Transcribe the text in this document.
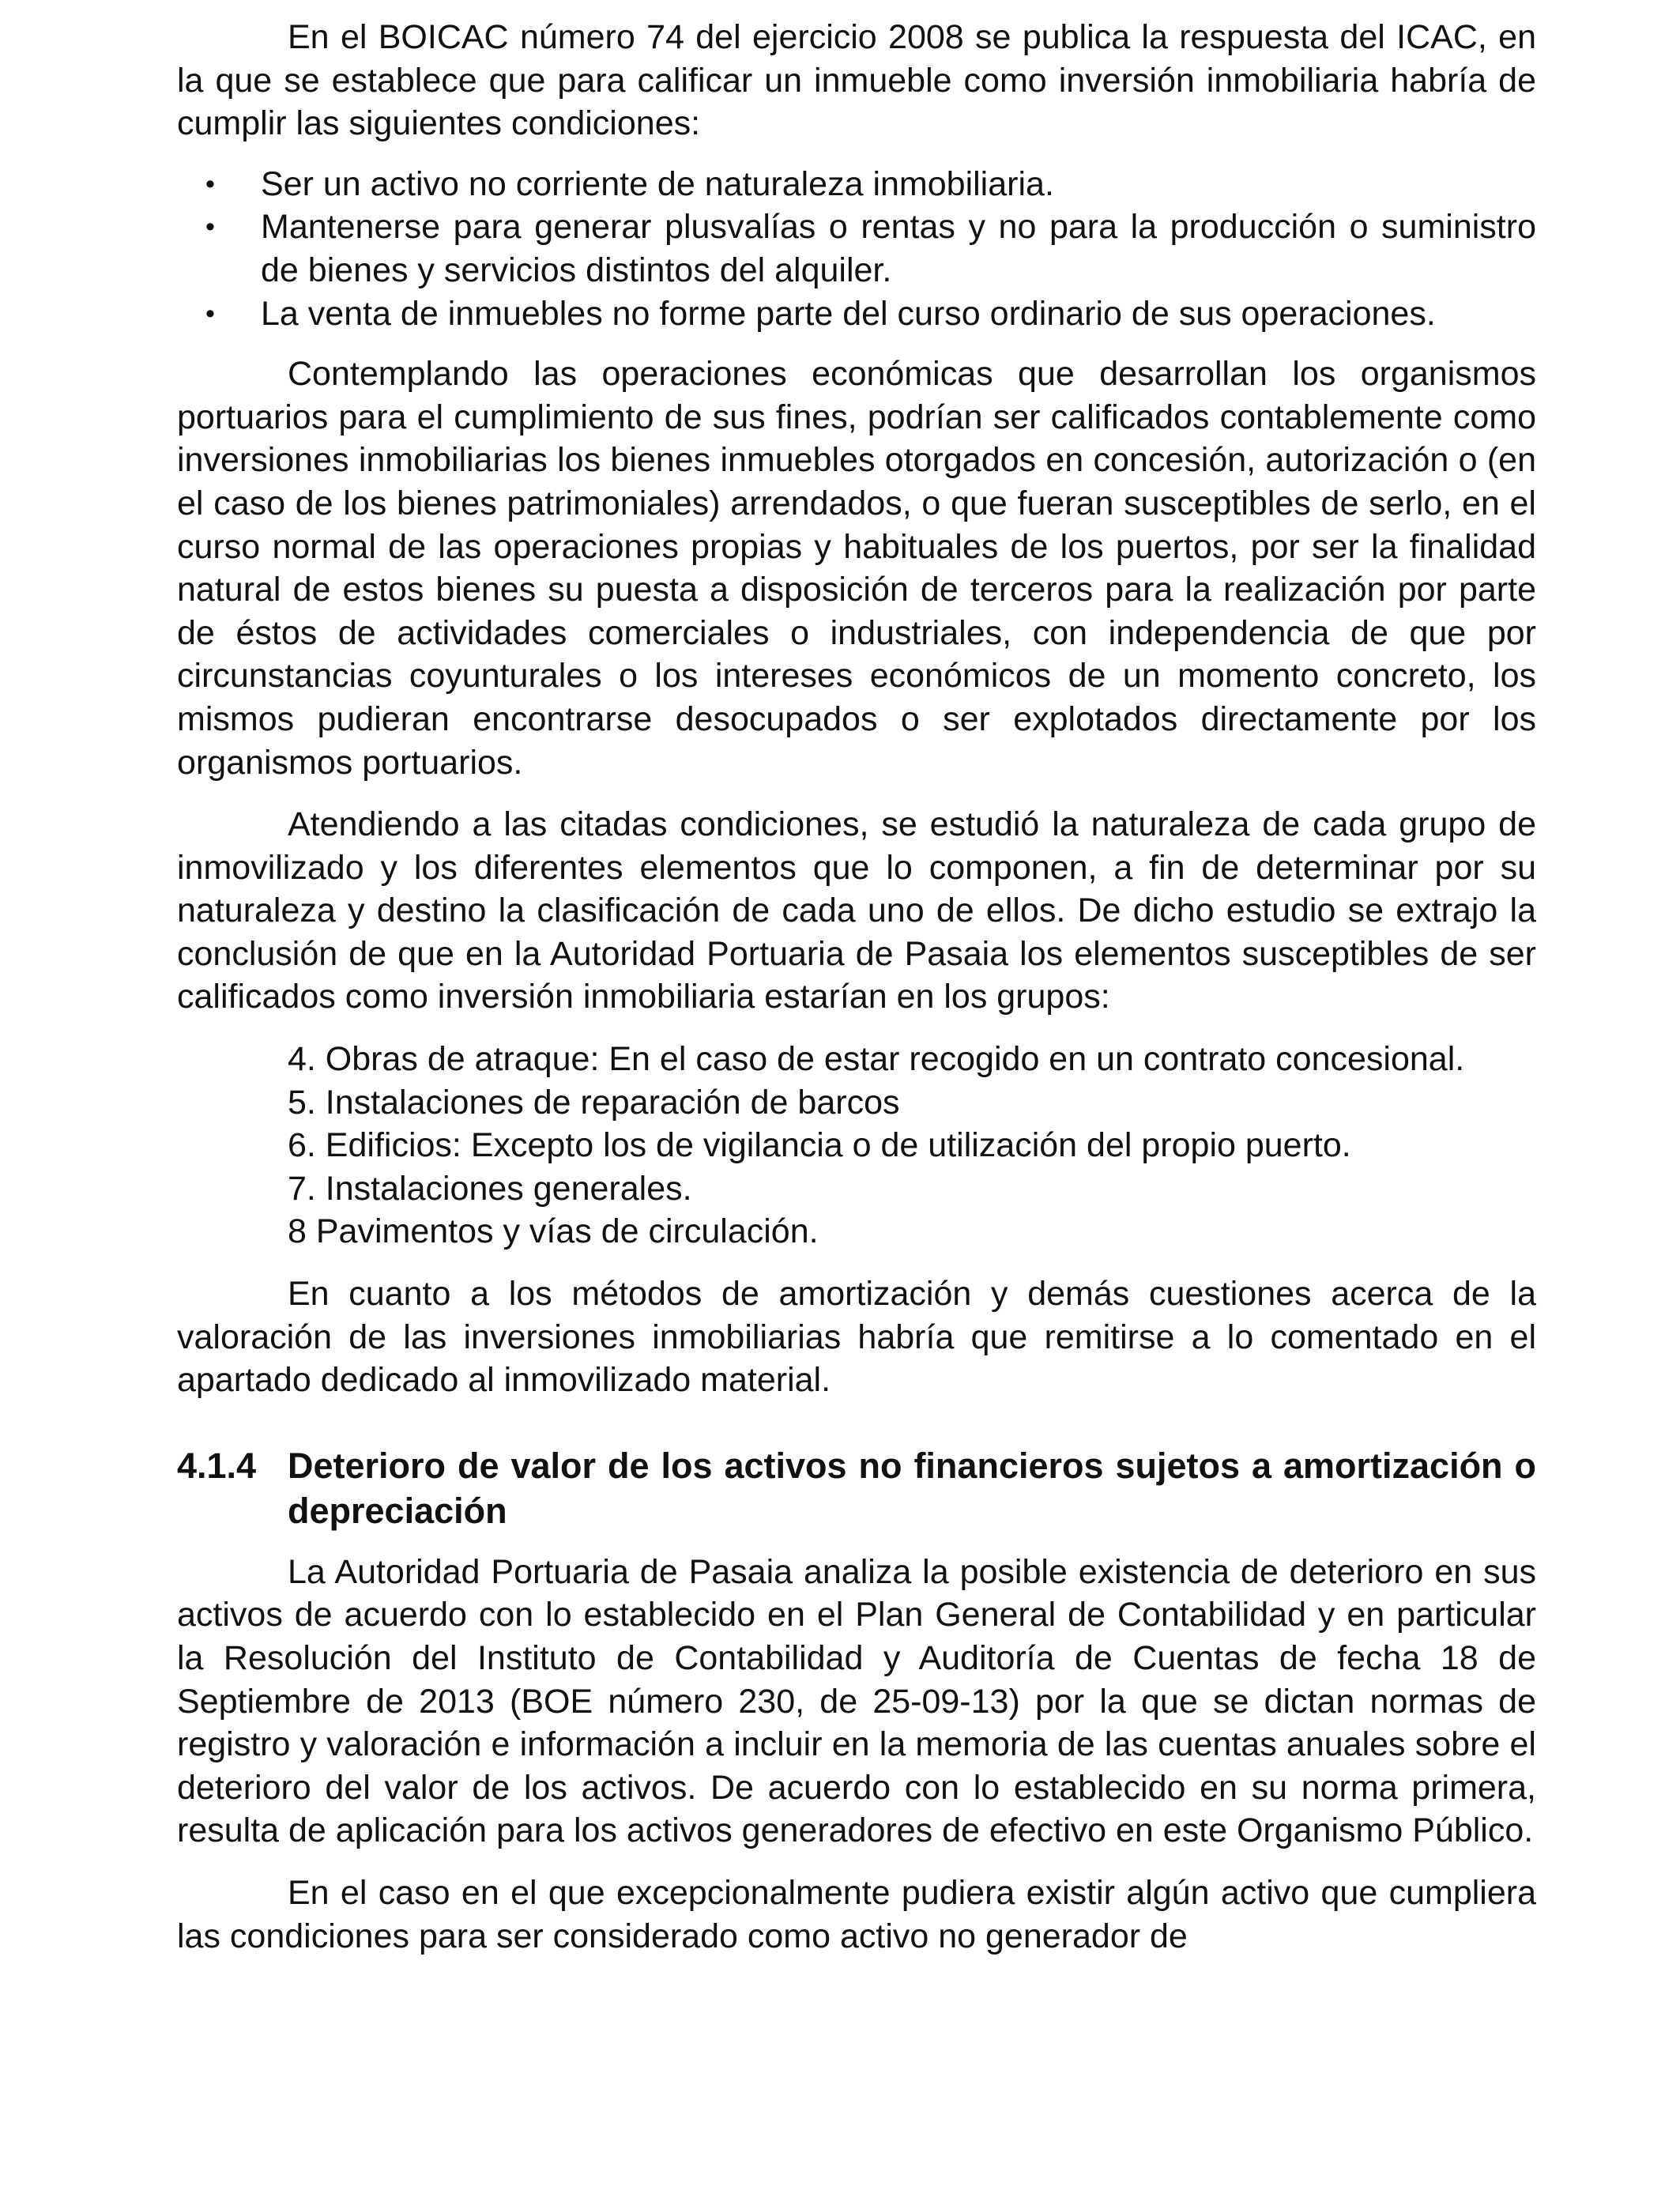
En el BOICAC número 74 del ejercicio 2008 se publica la respuesta del ICAC, en la que se establece que para calificar un inmueble como inversión inmobiliaria habría de cumplir las siguientes condiciones:

• Ser un activo no corriente de naturaleza inmobiliaria.
• Mantenerse para generar plusvalías o rentas y no para la producción o suministro de bienes y servicios distintos del alquiler.
• La venta de inmuebles no forme parte del curso ordinario de sus operaciones.

Contemplando las operaciones económicas que desarrollan los organismos portuarios para el cumplimiento de sus fines, podrían ser calificados contablemente como inversiones inmobiliarias los bienes inmuebles otorgados en concesión, autorización o (en el caso de los bienes patrimoniales) arrendados, o que fueran susceptibles de serlo, en el curso normal de las operaciones propias y habituales de los puertos, por ser la finalidad natural de estos bienes su puesta a disposición de terceros para la realización por parte de éstos de actividades comerciales o industriales, con independencia de que por circunstancias coyunturales o los intereses económicos de un momento concreto, los mismos pudieran encontrarse desocupados o ser explotados directamente por los organismos portuarios.

Atendiendo a las citadas condiciones, se estudió la naturaleza de cada grupo de inmovilizado y los diferentes elementos que lo componen, a fin de determinar por su naturaleza y destino la clasificación de cada uno de ellos. De dicho estudio se extrajo la conclusión de que en la Autoridad Portuaria de Pasaia los elementos susceptibles de ser calificados como inversión inmobiliaria estarían en los grupos:

4. Obras de atraque: En el caso de estar recogido en un contrato concesional.
5. Instalaciones de reparación de barcos
6. Edificios: Excepto los de vigilancia o de utilización del propio puerto.
7. Instalaciones generales.
8 Pavimentos y vías de circulación.

En cuanto a los métodos de amortización y demás cuestiones acerca de la valoración de las inversiones inmobiliarias habría que remitirse a lo comentado en el apartado dedicado al inmovilizado material.

4.1.4 Deterioro de valor de los activos no financieros sujetos a amortización o depreciación

La Autoridad Portuaria de Pasaia analiza la posible existencia de deterioro en sus activos de acuerdo con lo establecido en el Plan General de Contabilidad y en particular la Resolución del Instituto de Contabilidad y Auditoría de Cuentas de fecha 18 de Septiembre de 2013 (BOE número 230, de 25-09-13) por la que se dictan normas de registro y valoración e información a incluir en la memoria de las cuentas anuales sobre el deterioro del valor de los activos. De acuerdo con lo establecido en su norma primera, resulta de aplicación para los activos generadores de efectivo en este Organismo Público.

En el caso en el que excepcionalmente pudiera existir algún activo que cumpliera las condiciones para ser considerado como activo no generador de
